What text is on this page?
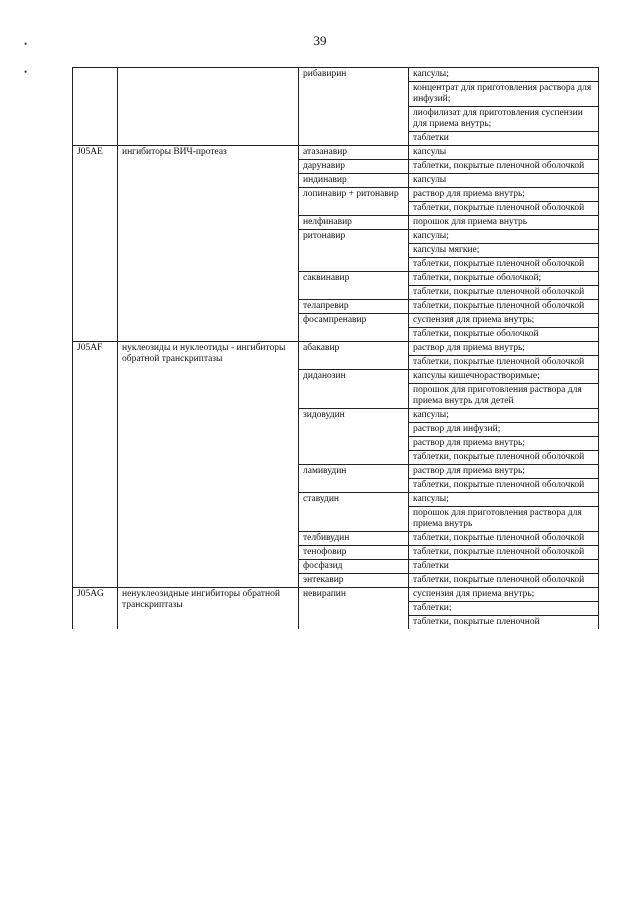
39
•
•
			рибавирин	капсулы;
			концентрат для приготовления раствора для инфузий;
			лиофилизат для приготовления суспензии для приема внутрь;
			таблетки
J05AE	ингибиторы ВИЧ-протеаз	атазанавир	капсулы
		дарунавир	таблетки, покрытые пленочной оболочкой
		индинавир	капсулы
		лопинавир + ритонавир	раствор для приема внутрь;
			таблетки, покрытые пленочной оболочкой
		нелфинавир	порошок для приема внутрь
		ритонавир	капсулы;
			капсулы мягкие;
			таблетки, покрытые пленочной оболочкой
		саквинавир	таблетки, покрытые оболочкой;
			таблетки, покрытые пленочной оболочкой
		телапревир	таблетки, покрытые пленочной оболочкой
		фосампренавир	суспензия для приема внутрь;
			таблетки, покрытые оболочкой
J05AF	нуклеозиды и нуклеотиды - ингибиторы обратной транскриптазы	абакавир	раствор для приема внутрь;
			таблетки, покрытые пленочной оболочкой
		диданозин	капсулы кишечнорастворимые;
			порошок для приготовления раствора для приема внутрь для детей
		зидовудин	капсулы;
			раствор для инфузий;
			раствор для приема внутрь;
			таблетки, покрытые пленочной оболочкой
		ламивудин	раствор для приема внутрь;
			таблетки, покрытые пленочной оболочкой
		ставудин	капсулы;
			порошок для приготовления раствора для приема внутрь
		телбивудин	таблетки, покрытые пленочной оболочкой
		тенофовир	таблетки, покрытые пленочной оболочкой
		фосфазид	таблетки
		энтекавир	таблетки, покрытые пленочной оболочкой
J05AG	ненуклеозидные ингибиторы обратной транскриптазы	невирапин	суспензия для приема внутрь;
			таблетки;
			таблетки, покрытые пленочной
